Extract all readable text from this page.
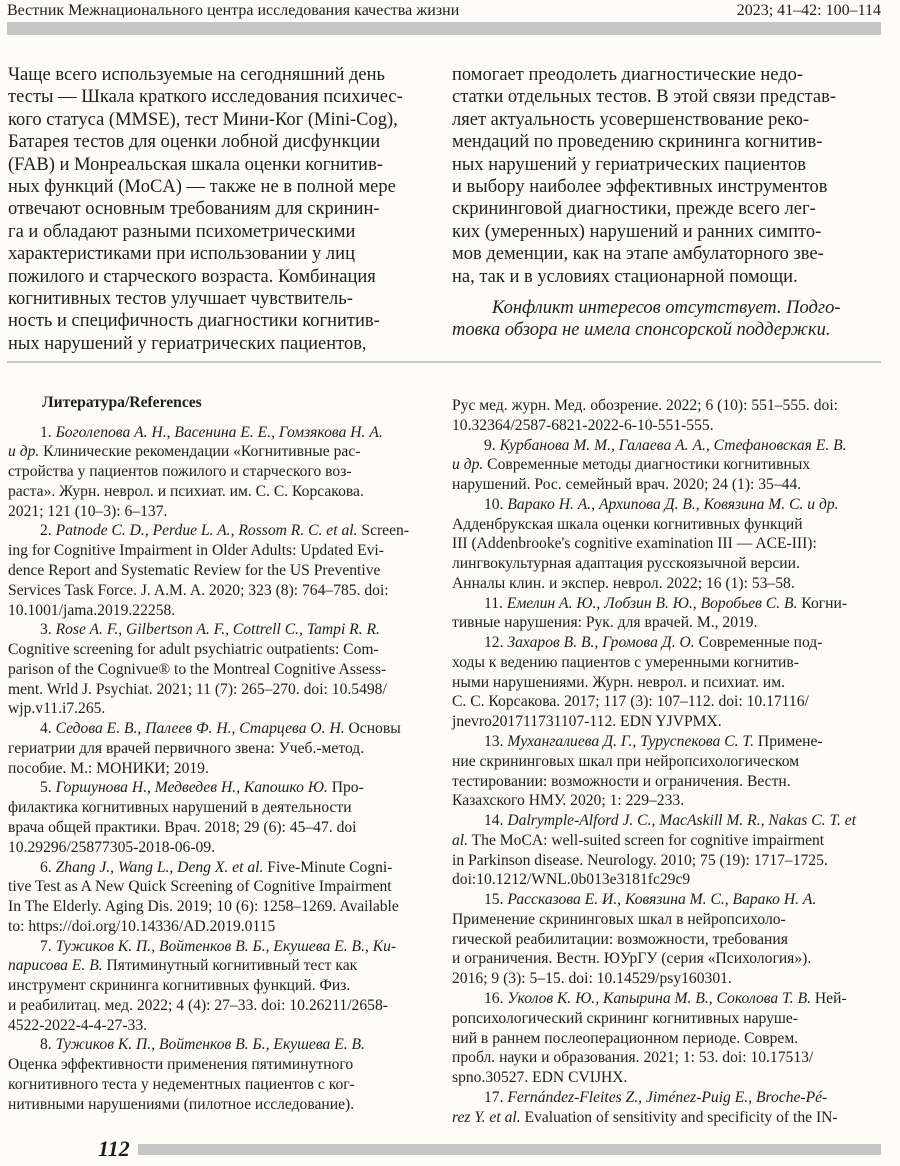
Вестник Межнационального центра исследования качества жизни	2023; 41–42: 100–114
Чаще всего используемые на сегодняшний день
тесты — Шкала краткого исследования психичес-
кого статуса (MMSE), тест Мини-Ког (Mini-Cog),
Батарея тестов для оценки лобной дисфункции
(FAB) и Монреальская шкала оценки когнитив-
ных функций (MoCA) — также не в полной мере
отвечают основным требованиям для скринин-
га и обладают разными психометрическими
характеристиками при использовании у лиц
пожилого и старческого возраста. Комбинация
когнитивных тестов улучшает чувствитель-
ность и специфичность диагностики когнитив-
ных нарушений у гериатрических пациентов,
помогает преодолеть диагностические недо-
статки отдельных тестов. В этой связи представ-
ляет актуальность усовершенствование реко-
мендаций по проведению скрининга когнитив-
ных нарушений у гериатрических пациентов
и выбору наиболее эффективных инструментов
скрининговой диагностики, прежде всего лег-
ких (умеренных) нарушений и ранних симпто-
мов деменции, как на этапе амбулаторного зве-
на, так и в условиях стационарной помощи.
Конфликт интересов отсутствует. Подго-
товка обзора не имела спонсорской поддержки.
Литература/References
1. Боголепова А. Н., Васенина Е. Е., Гомзякова Н. А.
и др. Клинические рекомендации «Когнитивные рас-
стройства у пациентов пожилого и старческого воз-
раста». Журн. неврол. и психиат. им. С. С. Корсакова.
2021; 121 (10–3): 6–137.
2. Patnode C. D., Perdue L. A., Rossom R. C. et al. Screen-
ing for Cognitive Impairment in Older Adults: Updated Evi-
dence Report and Systematic Review for the US Preventive
Services Task Force. J. A.M. A. 2020; 323 (8): 764–785. doi:
10.1001/jama.2019.22258.
3. Rose A. F., Gilbertson A. F., Cottrell C., Tampi R. R.
Cognitive screening for adult psychiatric outpatients: Com-
parison of the Cognivue® to the Montreal Cognitive Assess-
ment. Wrld J. Psychiat. 2021; 11 (7): 265–270. doi: 10.5498/
wjp.v11.i7.265.
4. Седова Е. В., Палеев Ф. Н., Старцева О. Н. Основы
гериатрии для врачей первичного звена: Учеб.-метод.
пособие. М.: МОНИКИ; 2019.
5. Горшунова Н., Медведев Н., Капошко Ю. Про-
филактика когнитивных нарушений в деятельности
врача общей практики. Врач. 2018; 29 (6): 45–47. doi
10.29296/25877305-2018-06-09.
6. Zhang J., Wang L., Deng X. et al. Five-Minute Cogni-
tive Test as A New Quick Screening of Cognitive Impairment
In The Elderly. Aging Dis. 2019; 10 (6): 1258–1269. Available
to: https://doi.org/10.14336/AD.2019.0115
7. Тужиков К. П., Войтенков В. Б., Екушева Е. В., Ки-
парисова Е. В. Пятиминутный когнитивный тест как
инструмент скрининга когнитивных функций. Физ.
и реабилитац. мед. 2022; 4 (4): 27–33. doi: 10.26211/2658-
4522-2022-4-4-27-33.
8. Тужиков К. П., Войтенков В. Б., Екушева Е. В.
Оценка эффективности применения пятиминутного
когнитивного теста у недементных пациентов с ког-
нитивными нарушениями (пилотное исследование).
Рус мед. журн. Мед. обозрение. 2022; 6 (10): 551–555. doi:
10.32364/2587-6821-2022-6-10-551-555.
9. Курбанова М. М., Галаева А. А., Стефановская Е. В.
и др. Современные методы диагностики когнитивных
нарушений. Рос. семейный врач. 2020; 24 (1): 35–44.
10. Варако Н. А., Архипова Д. В., Ковязина М. С. и др.
Адденбрукская шкала оценки когнитивных функций
III (Addenbrooke's cognitive examination III — ACE-III):
лингвокультурная адаптация русскоязычной версии.
Анналы клин. и экспер. неврол. 2022; 16 (1): 53–58.
11. Емелин А. Ю., Лобзин В. Ю., Воробьев С. В. Когни-
тивные нарушения: Рук. для врачей. М., 2019.
12. Захаров В. В., Громова Д. О. Современные под-
ходы к ведению пациентов с умеренными когнитив-
ными нарушениями. Журн. неврол. и психиат. им.
С. С. Корсакова. 2017; 117 (3): 107–112. doi: 10.17116/
jnevro201711731107-112. EDN YJVPMX.
13. Мухангалиева Д. Г., Туруспекова С. Т. Примене-
ние скрининговых шкал при нейропсихологическом
тестировании: возможности и ограничения. Вестн.
Казахского НМУ. 2020; 1: 229–233.
14. Dalrymple-Alford J. C., MacAskill M. R., Nakas C. T. et
al. The MoCA: well-suited screen for cognitive impairment
in Parkinson disease. Neurology. 2010; 75 (19): 1717–1725.
doi:10.1212/WNL.0b013e3181fc29c9
15. Рассказова Е. И., Ковязина М. С., Варако Н. А.
Применение скрининговых шкал в нейропсихоло-
гической реабилитации: возможности, требования
и ограничения. Вестн. ЮУрГУ (серия «Психология»).
2016; 9 (3): 5–15. doi: 10.14529/psy160301.
16. Уколов К. Ю., Капырина М. В., Соколова Т. В. Ней-
ропсихологический скрининг когнитивных наруше-
ний в раннем послеоперационном периоде. Соврем.
пробл. науки и образования. 2021; 1: 53. doi: 10.17513/
spno.30527. EDN CVIJHX.
17. Fernández-Fleites Z., Jiménez-Puig E., Broche-Pé-
rez Y. et al. Evaluation of sensitivity and specificity of the IN-
112
